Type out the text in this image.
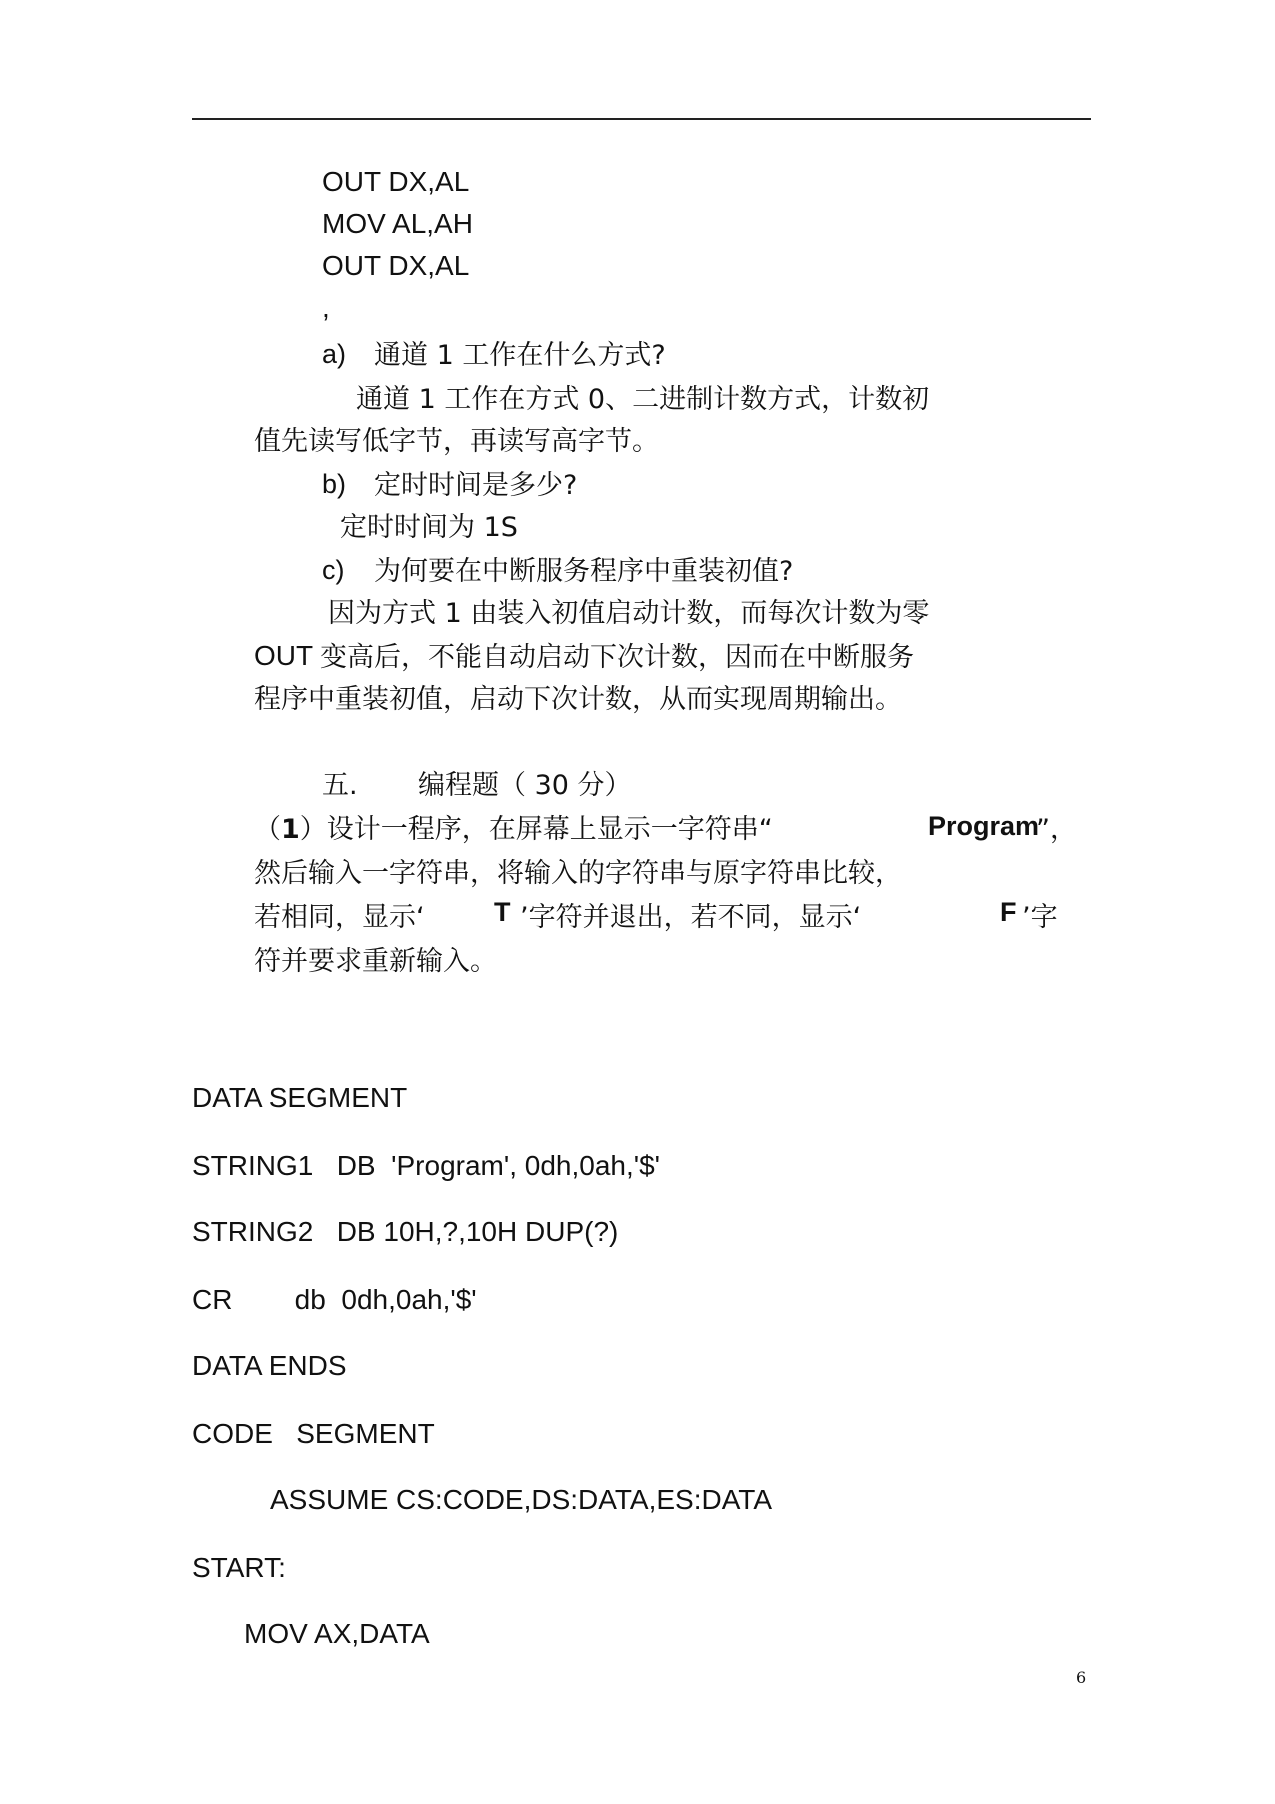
OUT DX,AL
MOV AL,AH
OUT DX,AL
,
a) 通道 1 工作在什么方式?
通道 1 工作在方式 0、二进制计数方式，计数初
值先读写低字节，再读写高字节。
b) 定时时间是多少?
定时时间为 1S
c) 为何要在中断服务程序中重装初值?
因为方式 1 由装入初值启动计数，而每次计数为零
OUT 变高后，不能自动启动下次计数，因而在中断服务
程序中重装初值，启动下次计数，从而实现周期输出。
五. 编程题（ 30 分）
（1）设计一程序，在屏幕上显示一字符串“	Program
”，
然后输入一字符串，将输入的字符串与原字符串比较，
若相同，显示‘	T ’字符并退出，若不同，显示‘	F ’字
符并要求重新输入。
DATA SEGMENT
STRING1   DB  'Program', 0dh,0ah,'$'
STRING2   DB 10H,?,10H DUP(?)
CR        db  0dh,0ah,'$'
DATA ENDS
CODE   SEGMENT
ASSUME CS:CODE,DS:DATA,ES:DATA
START:
MOV AX,DATA
6
